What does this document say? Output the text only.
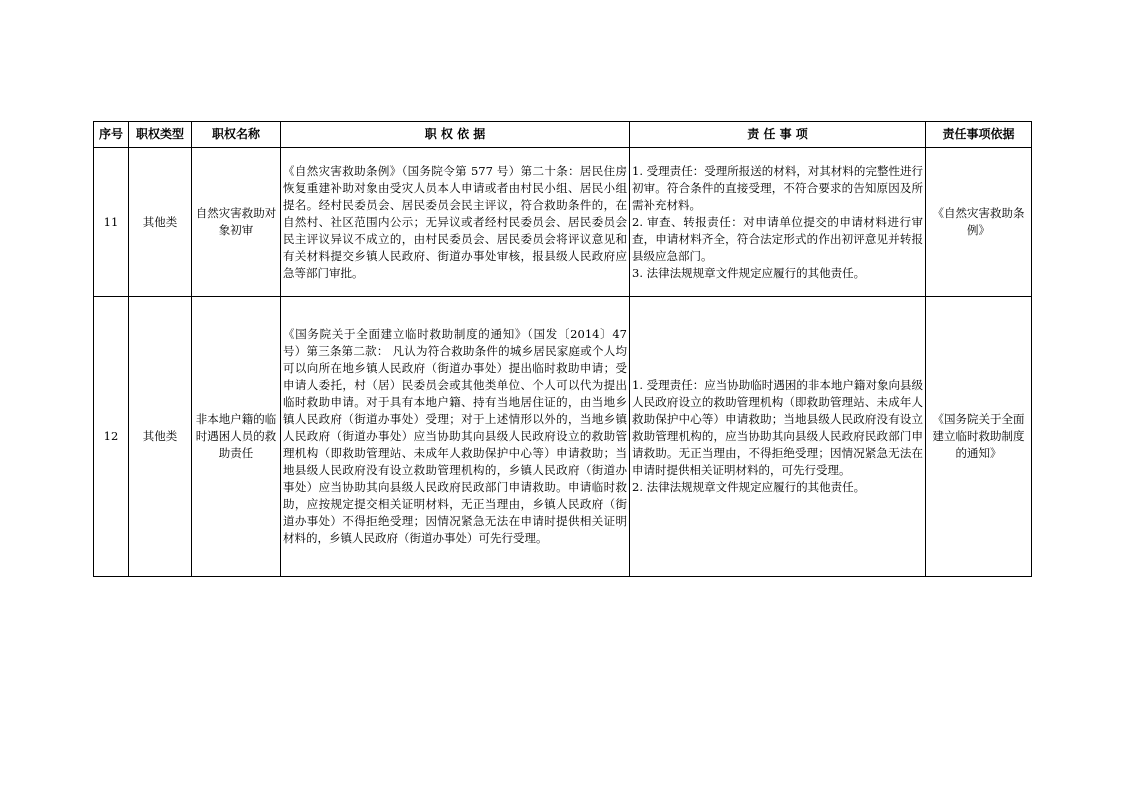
序号	职权类型	职权名称	职 权 依 据	责 任 事 项	责任事项依据
11	其他类	自然灾害救助对象初审	《自然灾害救助条例》（国务院令第 577 号）第二十条：居民住房恢复重建补助对象由受灾人员本人申请或者由村民小组、居民小组提名。经村民委员会、居民委员会民主评议，符合救助条件的，在自然村、社区范围内公示；无异议或者经村民委员会、居民委员会民主评议异议不成立的，由村民委员会、居民委员会将评议意见和有关材料提交乡镇人民政府、街道办事处审核，报县级人民政府应急等部门审批。	1. 受理责任：受理所报送的材料，对其材料的完整性进行初审。符合条件的直接受理，不符合要求的告知原因及所需补充材料。
2. 审查、转报责任：对申请单位提交的申请材料进行审查，申请材料齐全，符合法定形式的作出初评意见并转报县级应急部门。
3. 法律法规规章文件规定应履行的其他责任。	《自然灾害救助条例》
12	其他类	非本地户籍的临时遇困人员的救助责任	《国务院关于全面建立临时救助制度的通知》（国发〔2014〕47 号）第三条第二款： 凡认为符合救助条件的城乡居民家庭或个人均可以向所在地乡镇人民政府（街道办事处）提出临时救助申请；受申请人委托，村（居）民委员会或其他类单位、个人可以代为提出临时救助申请。对于具有本地户籍、持有当地居住证的，由当地乡镇人民政府（街道办事处）受理；对于上述情形以外的，当地乡镇人民政府（街道办事处）应当协助其向县级人民政府设立的救助管理机构（即救助管理站、未成年人救助保护中心等）申请救助；当地县级人民政府没有设立救助管理机构的，乡镇人民政府（街道办事处）应当协助其向县级人民政府民政部门申请救助。申请临时救助，应按规定提交相关证明材料，无正当理由，乡镇人民政府（街道办事处）不得拒绝受理；因情况紧急无法在申请时提供相关证明材料的，乡镇人民政府（街道办事处）可先行受理。	1. 受理责任：应当协助临时遇困的非本地户籍对象向县级人民政府设立的救助管理机构（即救助管理站、未成年人救助保护中心等）申请救助；当地县级人民政府没有设立救助管理机构的，应当协助其向县级人民政府民政部门申请救助。无正当理由，不得拒绝受理；因情况紧急无法在申请时提供相关证明材料的，可先行受理。
2. 法律法规规章文件规定应履行的其他责任。	《国务院关于全面建立临时救助制度的通知》
